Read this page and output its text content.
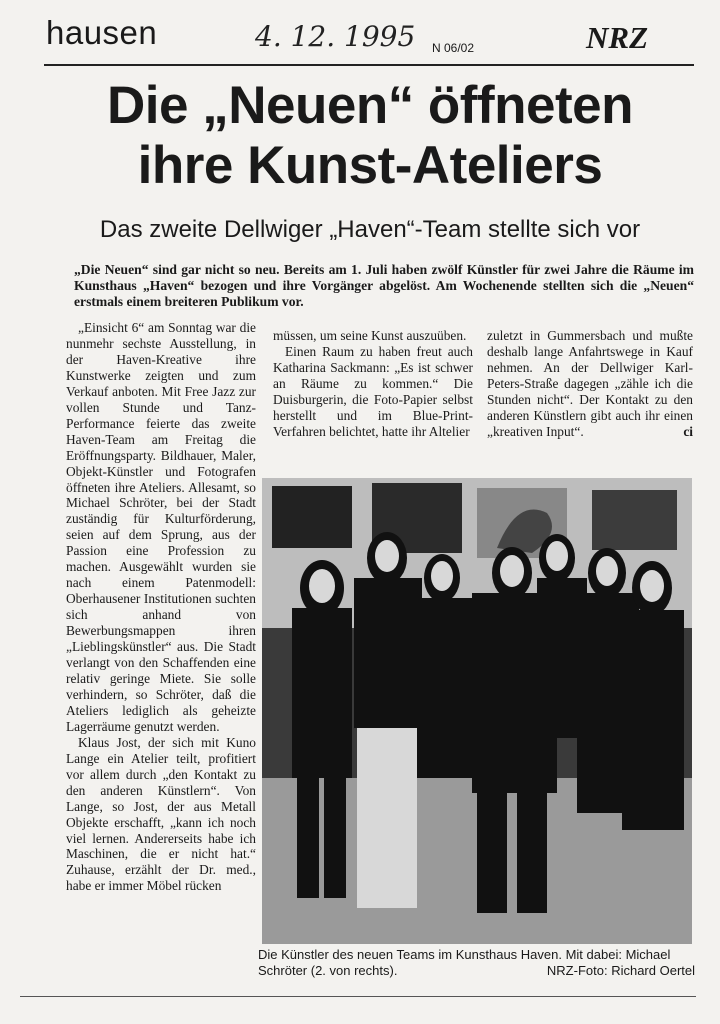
hausen	4. 12. 1995 N 06/02	NRZ
Die „Neuen“ öffneten
ihre Kunst-Ateliers
Das zweite Dellwiger „Haven“-Team stellte sich vor
„Die Neuen“ sind gar nicht so neu. Bereits am 1. Juli haben zwölf Künstler für zwei Jahre die Räume im Kunsthaus „Haven“ bezogen und ihre Vorgänger abgelöst. Am Wochenende stellten sich die „Neuen“ erstmals einem breiteren Publikum vor.

„Einsicht 6“ am Sonntag war die nunmehr sechste Ausstellung, in der Haven-Kreative ihre Kunstwerke zeigten und zum Verkauf anboten. Mit Free Jazz zur vollen Stunde und Tanz-Performance feierte das zweite Haven-Team am Freitag die Eröffnungsparty. Bildhauer, Maler, Objekt-Künstler und Fotografen öffneten ihre Ateliers. Allesamt, so Michael Schröter, bei der Stadt zuständig für Kulturförderung, seien auf dem Sprung, aus der Passion eine Profession zu machen. Ausgewählt wurden sie nach einem Patenmodell: Oberhausener Institutionen suchten sich anhand von Bewerbungsmappen ihren „Lieblingskünstler“ aus. Die Stadt verlangt von den Schaffenden eine relativ geringe Miete. Sie solle verhindern, so Schröter, daß die Ateliers lediglich als geheizte Lagerräume genutzt werden.

Klaus Jost, der sich mit Kuno Lange ein Atelier teilt, profitiert vor allem durch „den Kontakt zu den anderen Künstlern“. Von Lange, so Jost, der aus Metall Objekte erschafft, „kann ich noch viel lernen. Andererseits habe ich Maschinen, die er nicht hat.“ Zuhause, erzählt der Dr. med., habe er immer Möbel rücken

müssen, um seine Kunst auszuüben.

Einen Raum zu haben freut auch Katharina Sackmann: „Es ist schwer an Räume zu kommen.“ Die Duisburgerin, die Foto-Papier selbst herstellt und im Blue-Print-Verfahren belichtet, hatte ihr Altelier

zuletzt in Gummersbach und mußte deshalb lange Anfahrtswege in Kauf nehmen. An der Dellwiger Karl-Peters-Straße dagegen „zähle ich die Stunden nicht“. Der Kontakt zu den anderen Künstlern gibt auch ihr einen „kreativen Input“.	ci

Die Künstler des neuen Teams im Kunsthaus Haven. Mit dabei: Michael Schröter (2. von rechts).	NRZ-Foto: Richard Oertel
